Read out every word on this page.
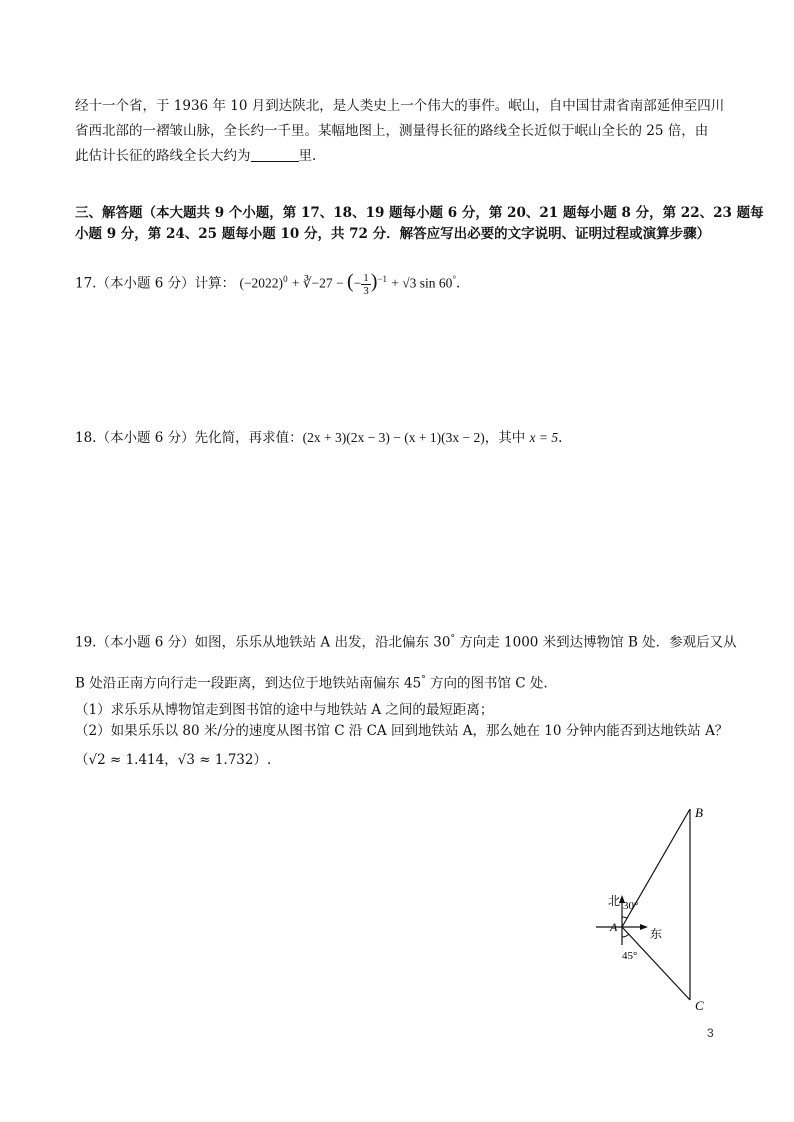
经十一个省，于 1936 年 10 月到达陕北，是人类史上一个伟大的事件。岷山，自中国甘肃省南部延伸至四川
省西北部的一褶皱山脉，全长约一千里。某幅地图上，测量得长征的路线全长近似于岷山全长的 25 倍，由
此估计长征的路线全长大约为	里.
三、解答题（本大题共 9 个小题，第 17、18、19 题每小题 6 分，第 20、21 题每小题 8 分，第 22、23 题每
小题 9 分，第 24、25 题每小题 10 分，共 72 分．解答应写出必要的文字说明、证明过程或演算步骤）
17.（本小题 6 分）计算： $(-2022)^0$ + ∛−27 − (− $\frac{1}{3} )^{-1} + √3$ sin 60°.
18.（本小题 6 分）先化简，再求值：(2x + 3)(2x − 3) − (x + 1)(3x − 2)，其中 x = 5.
19.（本小题 6 分）如图，乐乐从地铁站 A 出发，沿北偏东 30° 方向走 1000 米到达博物馆 B 处．参观后又从
B 处沿正南方向行走一段距离，到达位于地铁站南偏东 45° 方向的图书馆 C 处.
（1）求乐乐从博物馆走到图书馆的途中与地铁站 A 之间的最短距离；
（2）如果乐乐以 80 米/分的速度从图书馆 C 沿 CA 回到地铁站 A，那么她在 10 分钟内能否到达地铁站 A？
（√2 ≈ 1.414，√3 ≈ 1.732）.
B
C
A
北
东
30°
45°
3
